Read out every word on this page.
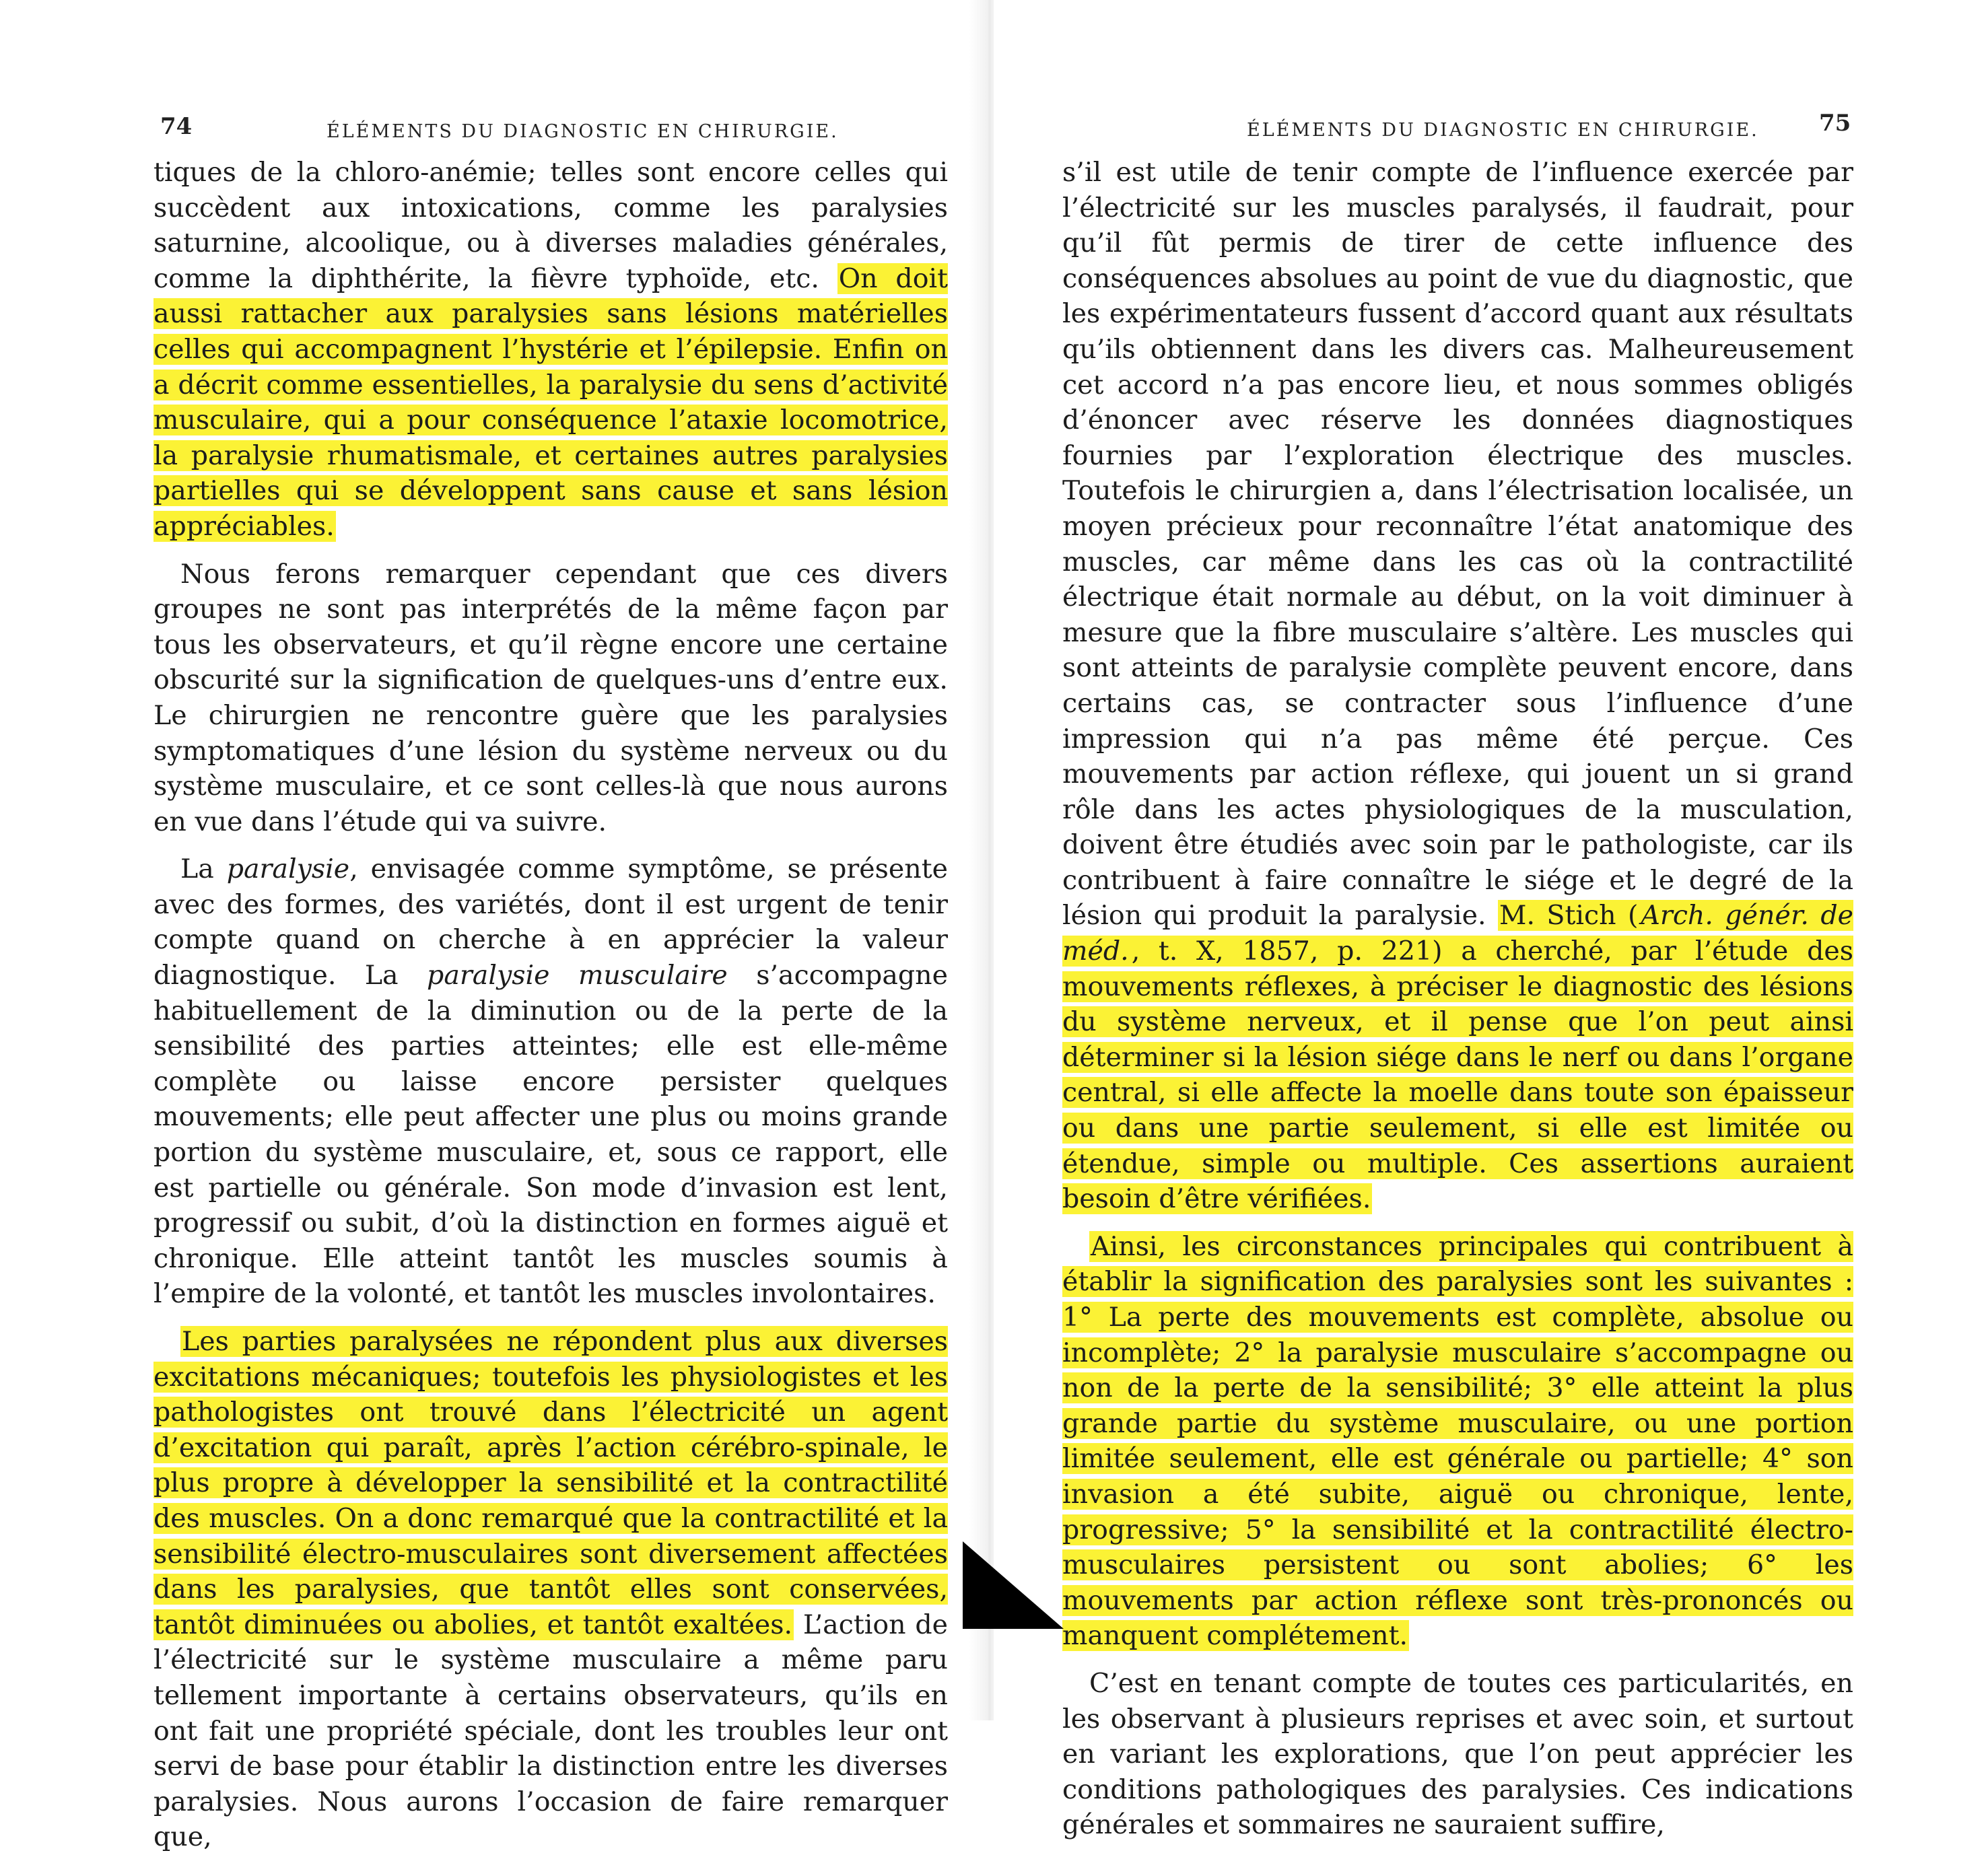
74	ÉLÉMENTS DU DIAGNOSTIC EN CHIRURGIE.

tiques de la chloro-anémie; telles sont encore celles qui succèdent aux intoxications, comme les paralysies saturnine, alcoolique, ou à diverses maladies générales, comme la diphthérite, la fièvre typhoïde, etc. On doit aussi rattacher aux paralysies sans lésions matérielles celles qui accompagnent l’hystérie et l’épilepsie. Enfin on a décrit comme essentielles, la paralysie du sens d’activité musculaire, qui a pour conséquence l’ataxie locomotrice, la paralysie rhumatismale, et certaines autres paralysies partielles qui se développent sans cause et sans lésion appréciables.

Nous ferons remarquer cependant que ces divers groupes ne sont pas interprétés de la même façon par tous les observateurs, et qu’il règne encore une certaine obscurité sur la signification de quelques-uns d’entre eux. Le chirurgien ne rencontre guère que les paralysies symptomatiques d’une lésion du système nerveux ou du système musculaire, et ce sont celles-là que nous aurons en vue dans l’étude qui va suivre.

La paralysie, envisagée comme symptôme, se présente avec des formes, des variétés, dont il est urgent de tenir compte quand on cherche à en apprécier la valeur diagnostique. La paralysie musculaire s’accompagne habituellement de la diminution ou de la perte de la sensibilité des parties atteintes; elle est elle-même complète ou laisse encore persister quelques mouvements; elle peut affecter une plus ou moins grande portion du système musculaire, et, sous ce rapport, elle est partielle ou générale. Son mode d’invasion est lent, progressif ou subit, d’où la distinction en formes aiguë et chronique. Elle atteint tantôt les muscles soumis à l’empire de la volonté, et tantôt les muscles involontaires.

Les parties paralysées ne répondent plus aux diverses excitations mécaniques; toutefois les physiologistes et les pathologistes ont trouvé dans l’électricité un agent d’excitation qui paraît, après l’action cérébro-spinale, le plus propre à développer la sensibilité et la contractilité des muscles. On a donc remarqué que la contractilité et la sensibilité électro-musculaires sont diversement affectées dans les paralysies, que tantôt elles sont conservées, tantôt diminuées ou abolies, et tantôt exaltées. L’action de l’électricité sur le système musculaire a même paru tellement importante à certains observateurs, qu’ils en ont fait une propriété spéciale, dont les troubles leur ont servi de base pour établir la distinction entre les diverses paralysies. Nous aurons l’occasion de faire remarquer que,

ÉLÉMENTS DU DIAGNOSTIC EN CHIRURGIE.	75

s’il est utile de tenir compte de l’influence exercée par l’électricité sur les muscles paralysés, il faudrait, pour qu’il fût permis de tirer de cette influence des conséquences absolues au point de vue du diagnostic, que les expérimentateurs fussent d’accord quant aux résultats qu’ils obtiennent dans les divers cas. Malheureusement cet accord n’a pas encore lieu, et nous sommes obligés d’énoncer avec réserve les données diagnostiques fournies par l’exploration électrique des muscles. Toutefois le chirurgien a, dans l’électrisation localisée, un moyen précieux pour reconnaître l’état anatomique des muscles, car même dans les cas où la contractilité électrique était normale au début, on la voit diminuer à mesure que la fibre musculaire s’altère. Les muscles qui sont atteints de paralysie complète peuvent encore, dans certains cas, se contracter sous l’influence d’une impression qui n’a pas même été perçue. Ces mouvements par action réflexe, qui jouent un si grand rôle dans les actes physiologiques de la musculation, doivent être étudiés avec soin par le pathologiste, car ils contribuent à faire connaître le siége et le degré de la lésion qui produit la paralysie. M. Stich ( Arch. génér. de méd. , t. X, 1857, p. 221) a cherché, par l’étude des mouvements réflexes, à préciser le diagnostic des lésions du système nerveux, et il pense que l’on peut ainsi déterminer si la lésion siége dans le nerf ou dans l’organe central, si elle affecte la moelle dans toute son épaisseur ou dans une partie seulement, si elle est limitée ou étendue, simple ou multiple. Ces assertions auraient besoin d’être vérifiées.

Ainsi, les circonstances principales qui contribuent à établir la signification des paralysies sont les suivantes : 1° La perte des mouvements est complète, absolue ou incomplète; 2° la paralysie musculaire s’accompagne ou non de la perte de la sensibilité; 3° elle atteint la plus grande partie du système musculaire, ou une portion limitée seulement, elle est générale ou partielle; 4° son invasion a été subite, aiguë ou chronique, lente, progressive; 5° la sensibilité et la contractilité électro-musculaires persistent ou sont abolies; 6° les mouvements par action réflexe sont très-prononcés ou manquent complétement.

C’est en tenant compte de toutes ces particularités, en les observant à plusieurs reprises et avec soin, et surtout en variant les explorations, que l’on peut apprécier les conditions pathologiques des paralysies. Ces indications générales et sommaires ne sauraient suffire,
